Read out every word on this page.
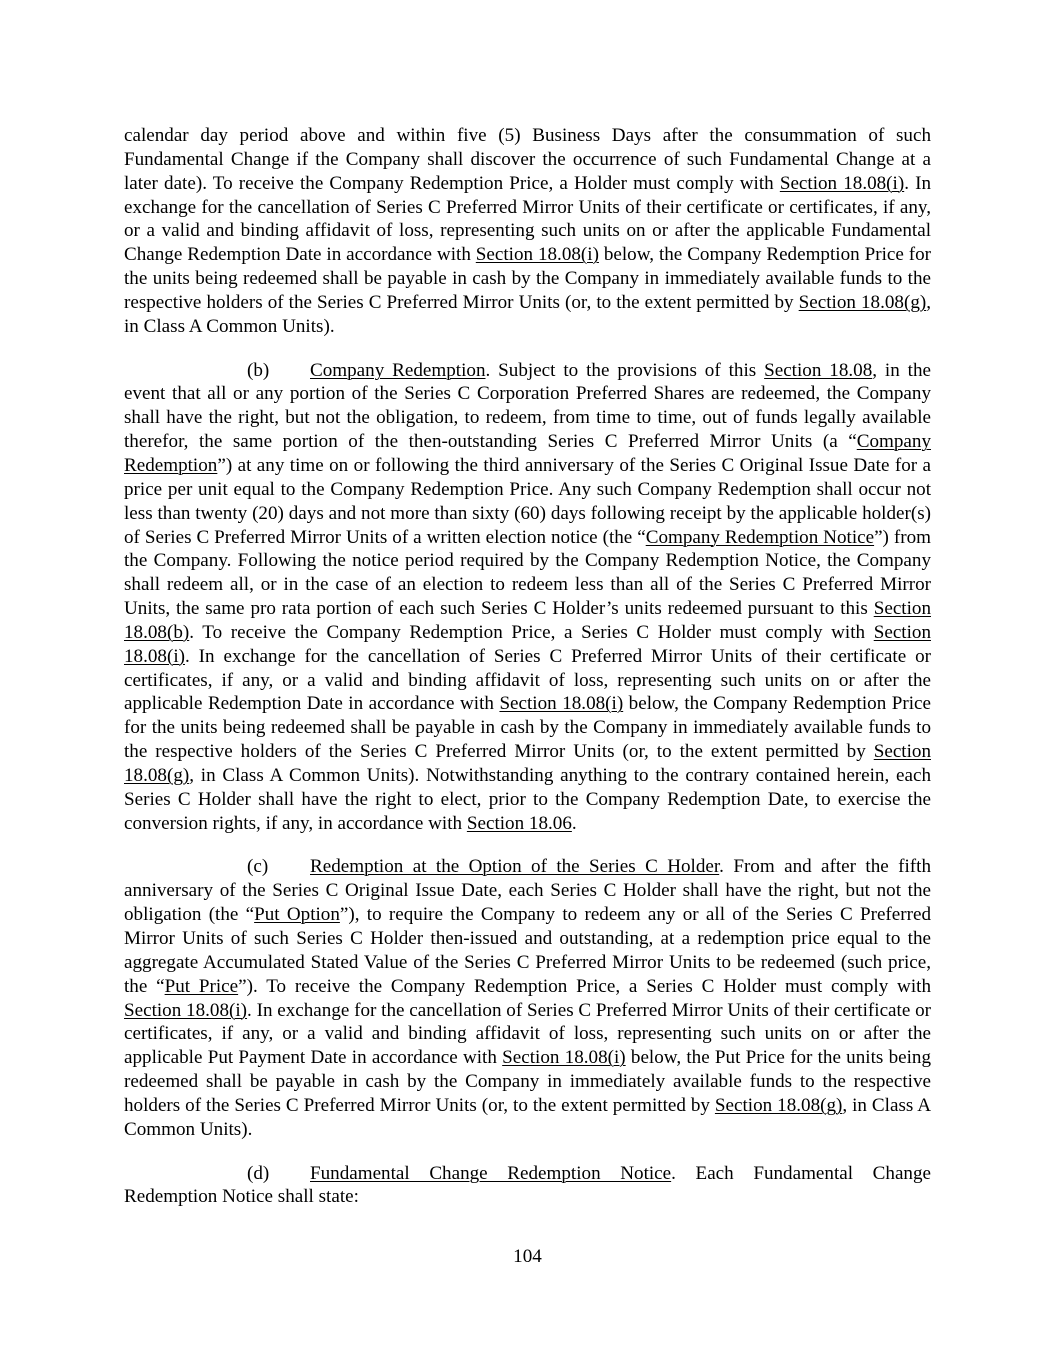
calendar day period above and within five (5) Business Days after the consummation of such Fundamental Change if the Company shall discover the occurrence of such Fundamental Change at a later date). To receive the Company Redemption Price, a Holder must comply with Section 18.08(i). In exchange for the cancellation of Series C Preferred Mirror Units of their certificate or certificates, if any, or a valid and binding affidavit of loss, representing such units on or after the applicable Fundamental Change Redemption Date in accordance with Section 18.08(i) below, the Company Redemption Price for the units being redeemed shall be payable in cash by the Company in immediately available funds to the respective holders of the Series C Preferred Mirror Units (or, to the extent permitted by Section 18.08(g), in Class A Common Units).

(b) Company Redemption. Subject to the provisions of this Section 18.08, in the event that all or any portion of the Series C Corporation Preferred Shares are redeemed, the Company shall have the right, but not the obligation, to redeem, from time to time, out of funds legally available therefor, the same portion of the then-outstanding Series C Preferred Mirror Units (a “Company Redemption”) at any time on or following the third anniversary of the Series C Original Issue Date for a price per unit equal to the Company Redemption Price. Any such Company Redemption shall occur not less than twenty (20) days and not more than sixty (60) days following receipt by the applicable holder(s) of Series C Preferred Mirror Units of a written election notice (the “Company Redemption Notice”) from the Company. Following the notice period required by the Company Redemption Notice, the Company shall redeem all, or in the case of an election to redeem less than all of the Series C Preferred Mirror Units, the same pro rata portion of each such Series C Holder’s units redeemed pursuant to this Section 18.08(b). To receive the Company Redemption Price, a Series C Holder must comply with Section 18.08(i). In exchange for the cancellation of Series C Preferred Mirror Units of their certificate or certificates, if any, or a valid and binding affidavit of loss, representing such units on or after the applicable Redemption Date in accordance with Section 18.08(i) below, the Company Redemption Price for the units being redeemed shall be payable in cash by the Company in immediately available funds to the respective holders of the Series C Preferred Mirror Units (or, to the extent permitted by Section 18.08(g), in Class A Common Units). Notwithstanding anything to the contrary contained herein, each Series C Holder shall have the right to elect, prior to the Company Redemption Date, to exercise the conversion rights, if any, in accordance with Section 18.06.

(c) Redemption at the Option of the Series C Holder. From and after the fifth anniversary of the Series C Original Issue Date, each Series C Holder shall have the right, but not the obligation (the “Put Option”), to require the Company to redeem any or all of the Series C Preferred Mirror Units of such Series C Holder then-issued and outstanding, at a redemption price equal to the aggregate Accumulated Stated Value of the Series C Preferred Mirror Units to be redeemed (such price, the “Put Price”). To receive the Company Redemption Price, a Series C Holder must comply with Section 18.08(i). In exchange for the cancellation of Series C Preferred Mirror Units of their certificate or certificates, if any, or a valid and binding affidavit of loss, representing such units on or after the applicable Put Payment Date in accordance with Section 18.08(i) below, the Put Price for the units being redeemed shall be payable in cash by the Company in immediately available funds to the respective holders of the Series C Preferred Mirror Units (or, to the extent permitted by Section 18.08(g), in Class A Common Units).

(d) Fundamental Change Redemption Notice. Each Fundamental Change Redemption Notice shall state:

104
